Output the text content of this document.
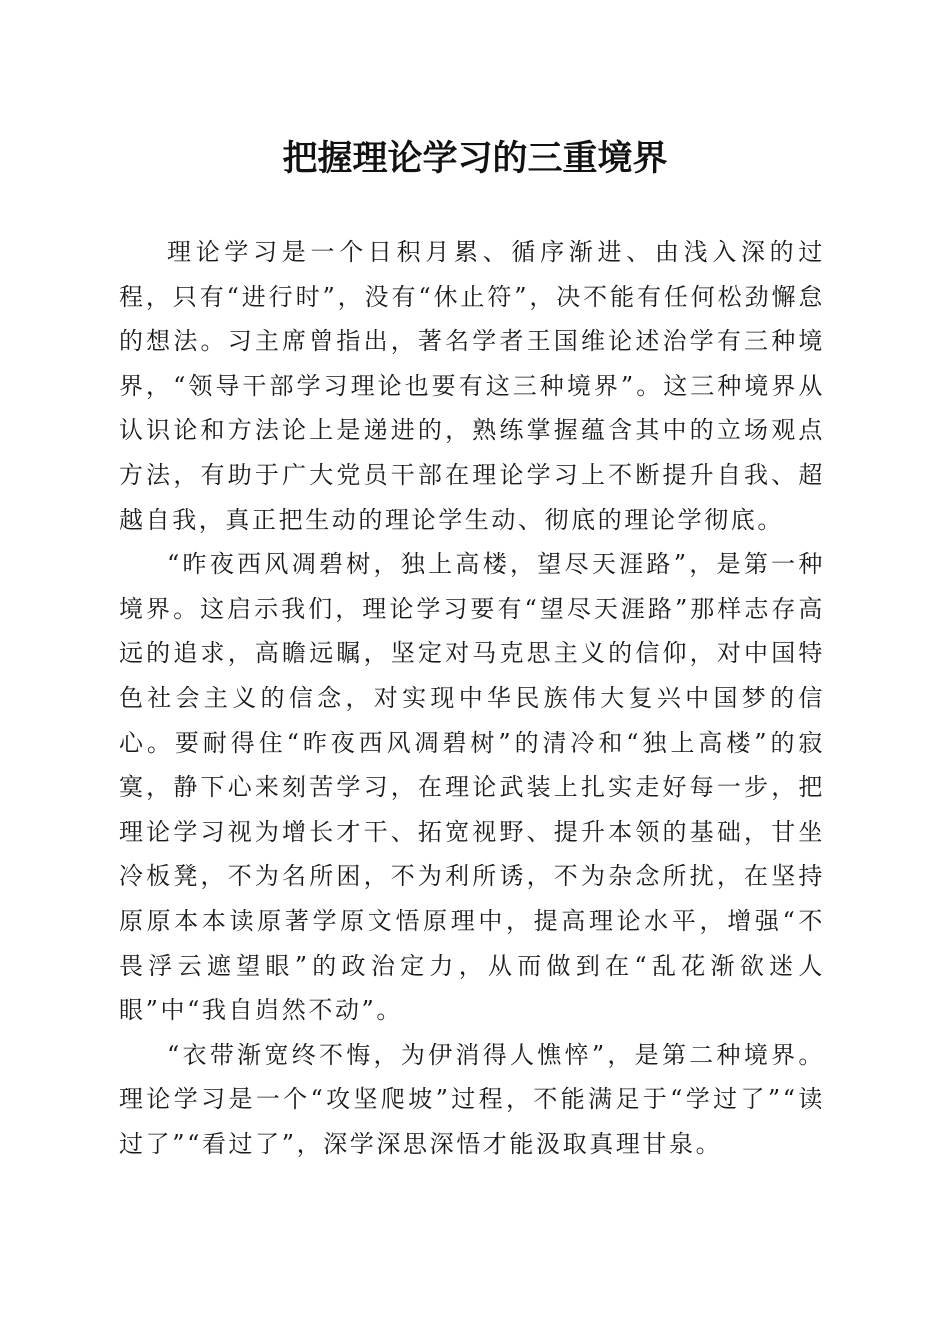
把握理论学习的三重境界

理论学习是一个日积月累、循序渐进、由浅入深的过程，只有“进行时”，没有“休止符”，决不能有任何松劲懈怠的想法。习主席曾指出，著名学者王国维论述治学有三种境界，“领导干部学习理论也要有这三种境界”。这三种境界从认识论和方法论上是递进的，熟练掌握蕴含其中的立场观点方法，有助于广大党员干部在理论学习上不断提升自我、超越自我，真正把生动的理论学生动、彻底的理论学彻底。

“昨夜西风凋碧树，独上高楼，望尽天涯路”，是第一种境界。这启示我们，理论学习要有“望尽天涯路”那样志存高远的追求，高瞻远瞩，坚定对马克思主义的信仰，对中国特色社会主义的信念，对实现中华民族伟大复兴中国梦的信心。要耐得住“昨夜西风凋碧树”的清冷和“独上高楼”的寂寞，静下心来刻苦学习，在理论武装上扎实走好每一步，把理论学习视为增长才干、拓宽视野、提升本领的基础，甘坐冷板凳，不为名所困，不为利所诱，不为杂念所扰，在坚持原原本本读原著学原文悟原理中，提高理论水平，增强“不畏浮云遮望眼”的政治定力，从而做到在“乱花渐欲迷人眼”中“我自岿然不动”。

“衣带渐宽终不悔，为伊消得人憔悴”，是第二种境界。理论学习是一个“攻坚爬坡”过程，不能满足于“学过了”“读过了”“看过了”，深学深思深悟才能汲取真理甘泉。
